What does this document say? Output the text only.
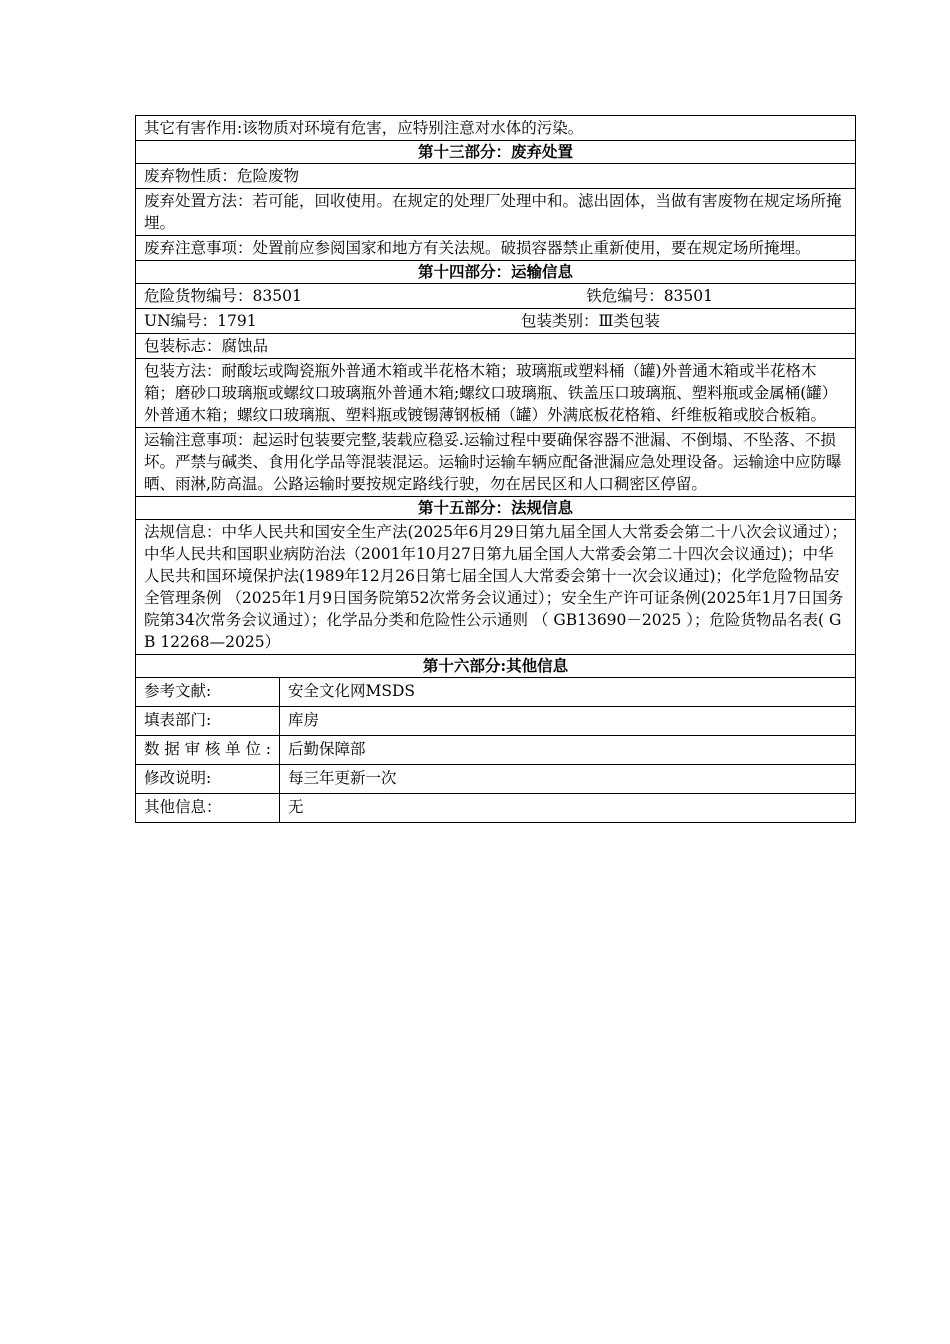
其它有害作用:该物质对环境有危害，应特别注意对水体的污染。
第十三部分：废弃处置
废弃物性质：危险废物
废弃处置方法：若可能，回收使用。在规定的处理厂处理中和。滤出固体，当做有害废物在规定场所掩埋。
废弃注意事项：处置前应参阅国家和地方有关法规。破损容器禁止重新使用，要在规定场所掩埋。
第十四部分：运输信息
危险货物编号：83501	铁危编号：83501

UN编号：1791	包装类别：Ⅲ类包装

包装标志：腐蚀品
包装方法：耐酸坛或陶瓷瓶外普通木箱或半花格木箱；玻璃瓶或塑料桶（罐)外普通木箱或半花格木箱；磨砂口玻璃瓶或螺纹口玻璃瓶外普通木箱;螺纹口玻璃瓶、铁盖压口玻璃瓶、塑料瓶或金属桶(罐）外普通木箱；螺纹口玻璃瓶、塑料瓶或镀锡薄钢板桶（罐）外满底板花格箱、纤维板箱或胶合板箱。
运输注意事项：起运时包装要完整,装载应稳妥.运输过程中要确保容器不泄漏、不倒塌、不坠落、不损坏。严禁与碱类、食用化学品等混装混运。运输时运输车辆应配备泄漏应急处理设备。运输途中应防曝晒、雨淋,防高温。公路运输时要按规定路线行驶，勿在居民区和人口稠密区停留。
第十五部分：法规信息
法规信息：中华人民共和国安全生产法(2025年6月29日第九届全国人大常委会第二十八次会议通过）；中华人民共和国职业病防治法（2001年10月27日第九届全国人大常委会第二十四次会议通过)；中华人民共和国环境保护法(1989年12月26日第七届全国人大常委会第十一次会议通过)；化学危险物品安全管理条例 （2025年1月9日国务院第52次常务会议通过）；安全生产许可证条例(2025年1月7日国务院第34次常务会议通过）；化学品分类和危险性公示通则 （ GB13690－2025 ）；危险货物品名表( GB 12268—2025）
第十六部分:其他信息
参考文献:	安全文化网MSDS
填表部门:	库房
数据审核单位:	后勤保障部
修改说明:	每三年更新一次
其他信息：	无
